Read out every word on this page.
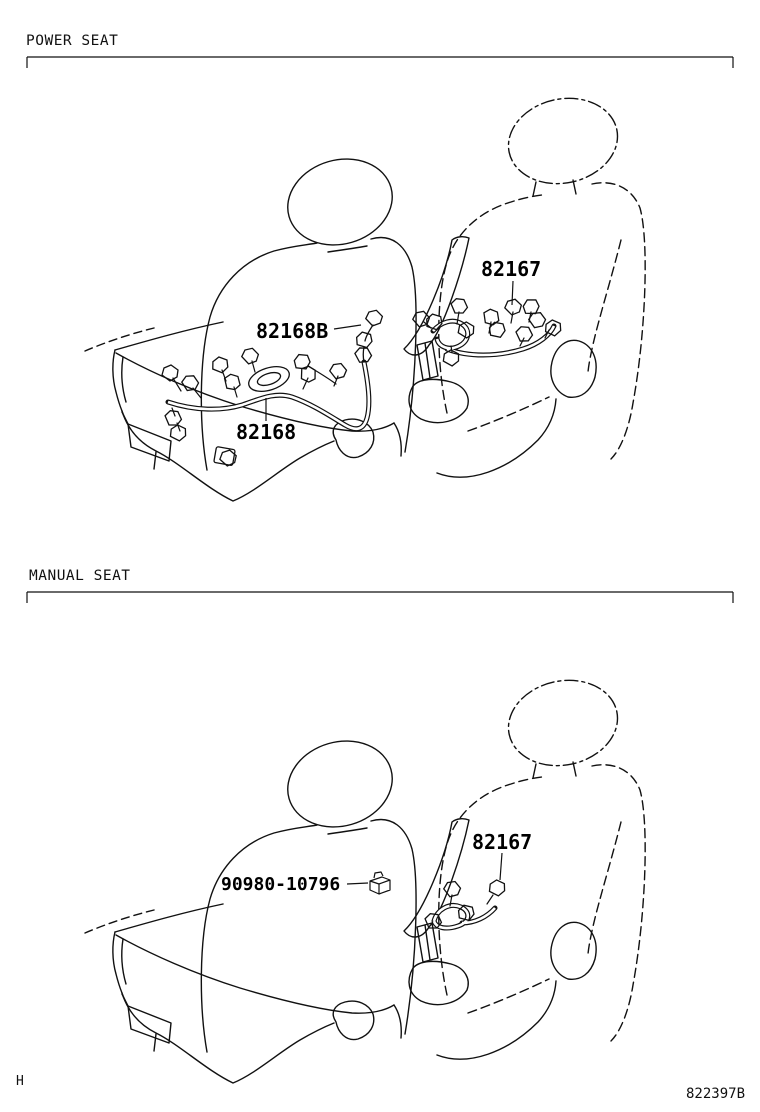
POWER SEAT
MANUAL SEAT
82168B
82167
82168
90980-10796
82167
H
822397B
